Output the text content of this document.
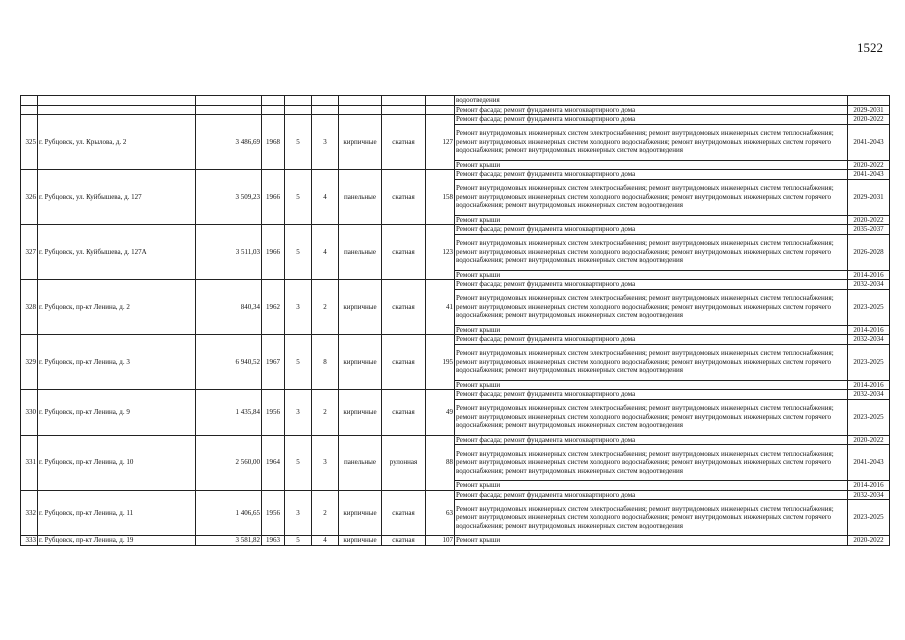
1522
									водоотведения	
									Ремонт фасада; ремонт фундамента многоквартирного дома	2029-2031
325	г. Рубцовск, ул. Крылова, д. 2	3 486,69	1968	5	3	кирпичные	скатная	127	Ремонт фасада; ремонт фундамента многоквартирного дома	2020-2022
									Ремонт внутридомовых инженерных систем электроснабжения; ремонт внутридомовых инженерных систем теплоснабжения; ремонт внутридомовых инженерных систем холодного водоснабжения; ремонт внутридомовых инженерных систем горячего водоснабжения; ремонт внутридомовых инженерных систем водоотведения	2041-2043
									Ремонт крыши	2020-2022
326	г. Рубцовск, ул. Куйбышева, д. 127	3 509,23	1966	5	4	панельные	скатная	158	Ремонт фасада; ремонт фундамента многоквартирного дома	2041-2043
									Ремонт внутридомовых инженерных систем электроснабжения; ремонт внутридомовых инженерных систем теплоснабжения; ремонт внутридомовых инженерных систем холодного водоснабжения; ремонт внутридомовых инженерных систем горячего водоснабжения; ремонт внутридомовых инженерных систем водоотведения	2029-2031
									Ремонт крыши	2020-2022
327	г. Рубцовск, ул. Куйбышева, д. 127А	3 511,03	1966	5	4	панельные	скатная	123	Ремонт фасада; ремонт фундамента многоквартирного дома	2035-2037
									Ремонт внутридомовых инженерных систем электроснабжения; ремонт внутридомовых инженерных систем теплоснабжения; ремонт внутридомовых инженерных систем холодного водоснабжения; ремонт внутридомовых инженерных систем горячего водоснабжения; ремонт внутридомовых инженерных систем водоотведения	2026-2028
									Ремонт крыши	2014-2016
328	г. Рубцовск, пр-кт Ленина, д. 2	840,34	1962	3	2	кирпичные	скатная	41	Ремонт фасада; ремонт фундамента многоквартирного дома	2032-2034
									Ремонт внутридомовых инженерных систем электроснабжения; ремонт внутридомовых инженерных систем теплоснабжения; ремонт внутридомовых инженерных систем холодного водоснабжения; ремонт внутридомовых инженерных систем горячего водоснабжения; ремонт внутридомовых инженерных систем водоотведения	2023-2025
									Ремонт крыши	2014-2016
329	г. Рубцовск, пр-кт Ленина, д. 3	6 940,52	1967	5	8	кирпичные	скатная	195	Ремонт фасада; ремонт фундамента многоквартирного дома	2032-2034
									Ремонт внутридомовых инженерных систем электроснабжения; ремонт внутридомовых инженерных систем теплоснабжения; ремонт внутридомовых инженерных систем холодного водоснабжения; ремонт внутридомовых инженерных систем горячего водоснабжения; ремонт внутридомовых инженерных систем водоотведения	2023-2025
									Ремонт крыши	2014-2016
330	г. Рубцовск, пр-кт Ленина, д. 9	1 435,84	1956	3	2	кирпичные	скатная	49	Ремонт фасада; ремонт фундамента многоквартирного дома	2032-2034
									Ремонт внутридомовых инженерных систем электроснабжения; ремонт внутридомовых инженерных систем теплоснабжения; ремонт внутридомовых инженерных систем холодного водоснабжения; ремонт внутридомовых инженерных систем горячего водоснабжения; ремонт внутридомовых инженерных систем водоотведения	2023-2025
331	г. Рубцовск, пр-кт Ленина, д. 10	2 560,00	1964	5	3	панельные	рулонная	88	Ремонт фасада; ремонт фундамента многоквартирного дома	2020-2022
									Ремонт внутридомовых инженерных систем электроснабжения; ремонт внутридомовых инженерных систем теплоснабжения; ремонт внутридомовых инженерных систем холодного водоснабжения; ремонт внутридомовых инженерных систем горячего водоснабжения; ремонт внутридомовых инженерных систем водоотведения	2041-2043
									Ремонт крыши	2014-2016
332	г. Рубцовск, пр-кт Ленина, д. 11	1 406,65	1956	3	2	кирпичные	скатная	63	Ремонт фасада; ремонт фундамента многоквартирного дома	2032-2034
									Ремонт внутридомовых инженерных систем электроснабжения; ремонт внутридомовых инженерных систем теплоснабжения; ремонт внутридомовых инженерных систем холодного водоснабжения; ремонт внутридомовых инженерных систем горячего водоснабжения; ремонт внутридомовых инженерных систем водоотведения	2023-2025
333	г. Рубцовск, пр-кт Ленина, д. 19	3 581,82	1963	5	4	кирпичные	скатная	107	Ремонт крыши	2020-2022
